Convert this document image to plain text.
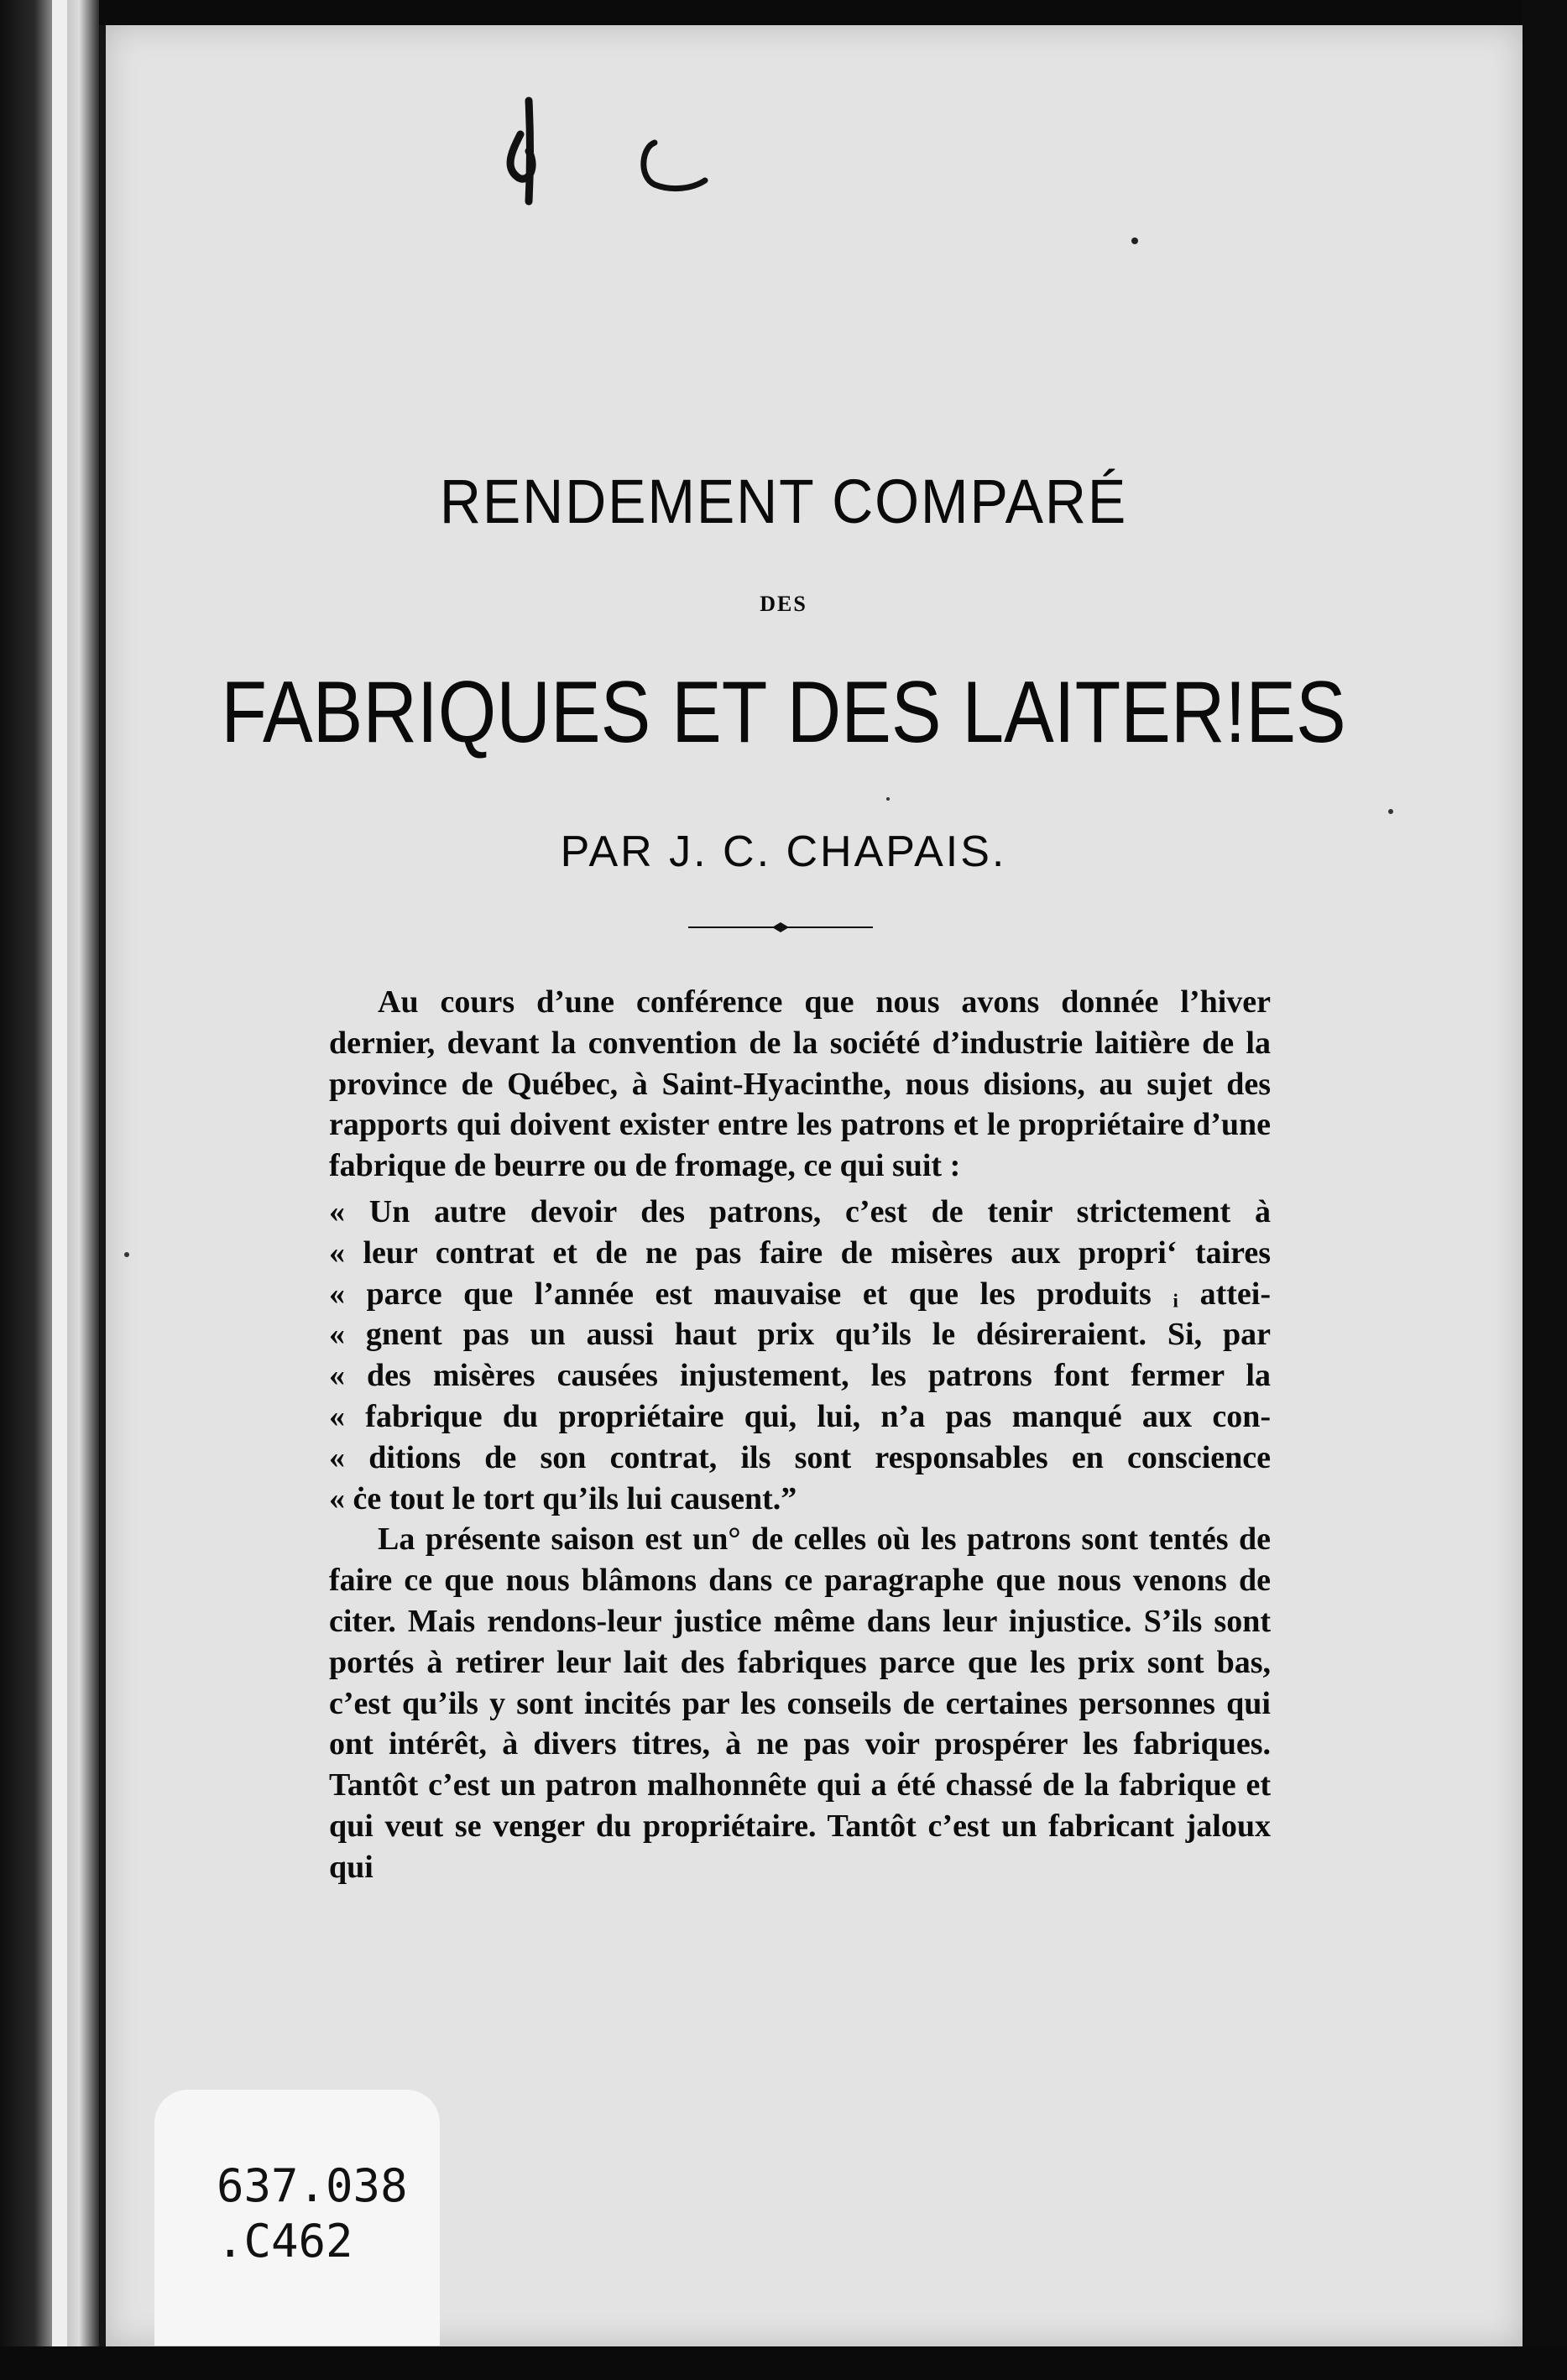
RENDEMENT COMPARÉ
DES
FABRIQUES ET DES LAITER!ES
PAR J. C. CHAPAIS.

Au cours d’une conférence que nous avons donnée l’hiver dernier, devant la convention de la société d’industrie laitière de la province de Québec, à Saint-Hyacinthe, nous disions, au sujet des rapports qui doivent exister entre les patrons et le propriétaire d’une fabrique de beurre ou de fromage, ce qui suit :

« Un autre devoir des patrons, c’est de tenir strictement à
« leur contrat et de ne pas faire de misères aux propri‘ taires
« parce que l’année est mauvaise et que les produits ᵢ attei-
« gnent pas un aussi haut prix qu’ils le désireraient. Si, par
« des misères causées injustement, les patrons font fermer la
« fabrique du propriétaire qui, lui, n’a pas manqué aux con-
« ditions de son contrat, ils sont responsables en conscience
« ċe tout le tort qu’ils lui causent.”

La présente saison est un° de celles où les patrons sont tentés de faire ce que nous blâmons dans ce paragraphe que nous venons de citer. Mais rendons-leur justice même dans leur injustice. S’ils sont portés à retirer leur lait des fabriques parce que les prix sont bas, c’est qu’ils y sont incités par les conseils de certaines personnes qui ont intérêt, à divers titres, à ne pas voir prospérer les fabriques. Tantôt c’est un patron malhonnête qui a été chassé de la fabrique et qui veut se venger du propriétaire. Tantôt c’est un fabricant jaloux qui

637.038
.C462
